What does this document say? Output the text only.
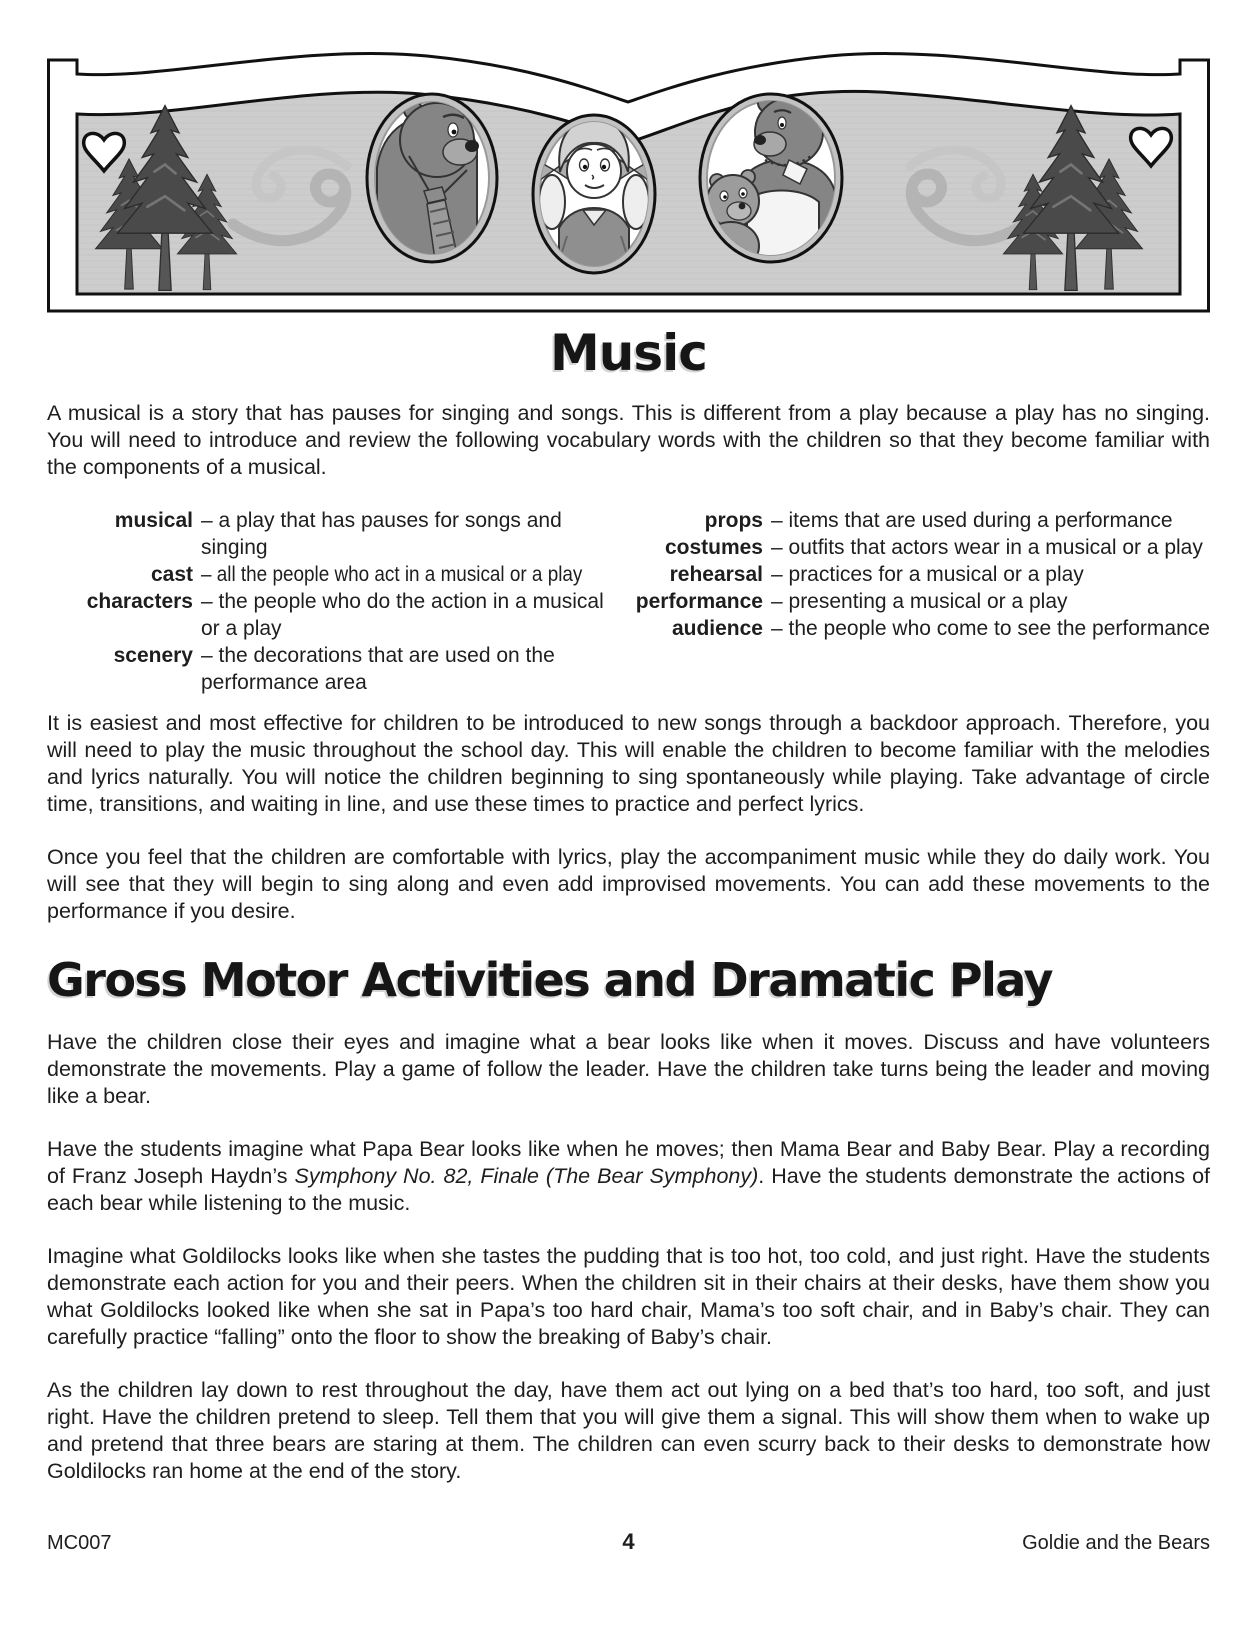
Music

A musical is a story that has pauses for singing and songs. This is different from a play because a play has no singing. You will need to introduce and review the following vocabulary words with the children so that they become familiar with the components of a musical.

musical – a play that has pauses for songs and singing
cast – all the people who act in a musical or a play
characters – the people who do the action in a musical or a play
scenery – the decorations that are used on the performance area
props – items that are used during a performance
costumes – outfits that actors wear in a musical or a play
rehearsal – practices for a musical or a play
performance – presenting a musical or a play
audience – the people who come to see the performance

It is easiest and most effective for children to be introduced to new songs through a backdoor approach. Therefore, you will need to play the music throughout the school day. This will enable the children to become familiar with the melodies and lyrics naturally. You will notice the children beginning to sing spontaneously while playing. Take advantage of circle time, transitions, and waiting in line, and use these times to practice and perfect lyrics.

Once you feel that the children are comfortable with lyrics, play the accompaniment music while they do daily work. You will see that they will begin to sing along and even add improvised movements. You can add these movements to the performance if you desire.

Gross Motor Activities and Dramatic Play

Have the children close their eyes and imagine what a bear looks like when it moves. Discuss and have volunteers demonstrate the movements. Play a game of follow the leader. Have the children take turns being the leader and moving like a bear.

Have the students imagine what Papa Bear looks like when he moves; then Mama Bear and Baby Bear. Play a recording of Franz Joseph Haydn’s Symphony No. 82, Finale (The Bear Symphony). Have the students demonstrate the actions of each bear while listening to the music.

Imagine what Goldilocks looks like when she tastes the pudding that is too hot, too cold, and just right. Have the students demonstrate each action for you and their peers. When the children sit in their chairs at their desks, have them show you what Goldilocks looked like when she sat in Papa’s too hard chair, Mama’s too soft chair, and in Baby’s chair. They can carefully practice “falling” onto the floor to show the breaking of Baby’s chair.

As the children lay down to rest throughout the day, have them act out lying on a bed that’s too hard, too soft, and just right. Have the children pretend to sleep. Tell them that you will give them a signal. This will show them when to wake up and pretend that three bears are staring at them. The children can even scurry back to their desks to demonstrate how Goldilocks ran home at the end of the story.

MC007	4	Goldie and the Bears
